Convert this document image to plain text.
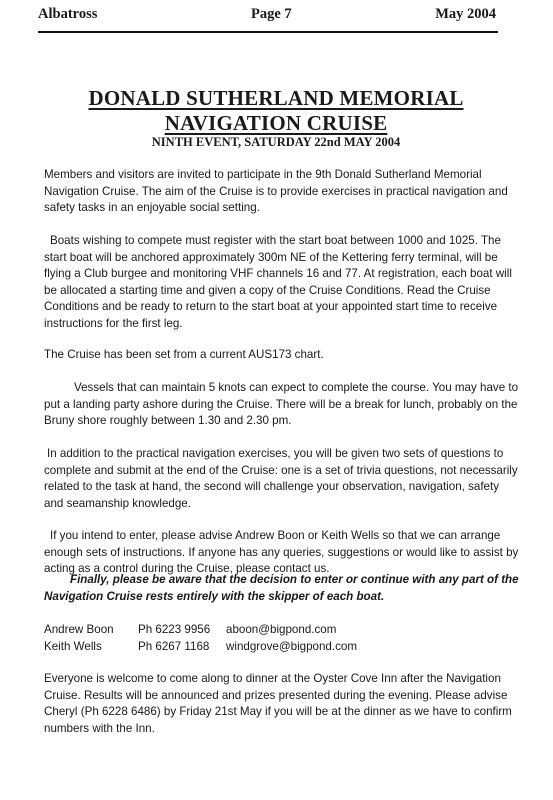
Albatross	Page 7	May 2004
DONALD SUTHERLAND MEMORIAL
NAVIGATION CRUISE
NINTH EVENT, SATURDAY 22nd MAY 2004

Members and visitors are invited to participate in the 9th Donald Sutherland Memorial Navigation Cruise. The aim of the Cruise is to provide exercises in practical navigation and safety tasks in an enjoyable social setting.

Boats wishing to compete must register with the start boat between 1000 and 1025. The start boat will be anchored approximately 300m NE of the Kettering ferry terminal, will be flying a Club burgee and monitoring VHF channels 16 and 77. At registration, each boat will be allocated a starting time and given a copy of the Cruise Conditions. Read the Cruise Conditions and be ready to return to the start boat at your appointed start time to receive instructions for the first leg.

The Cruise has been set from a current AUS173 chart.

Vessels that can maintain 5 knots can expect to complete the course. You may have to put a landing party ashore during the Cruise. There will be a break for lunch, probably on the Bruny shore roughly between 1.30 and 2.30 pm.

In addition to the practical navigation exercises, you will be given two sets of questions to complete and submit at the end of the Cruise: one is a set of trivia questions, not necessarily related to the task at hand, the second will challenge your observation, navigation, safety and seamanship knowledge.

If you intend to enter, please advise Andrew Boon or Keith Wells so that we can arrange enough sets of instructions. If anyone has any queries, suggestions or would like to assist by acting as a control during the Cruise, please contact us.

Finally, please be aware that the decision to enter or continue with any part of the Navigation Cruise rests entirely with the skipper of each boat.

Andrew Boon Ph 6223 9956 aboon@bigpond.com
Keith Wells	Ph 6267 1168 windgrove@bigpond.com

Everyone is welcome to come along to dinner at the Oyster Cove Inn after the Navigation Cruise. Results will be announced and prizes presented during the evening. Please advise Cheryl (Ph 6228 6486) by Friday 21st May if you will be at the dinner as we have to confirm numbers with the Inn.
